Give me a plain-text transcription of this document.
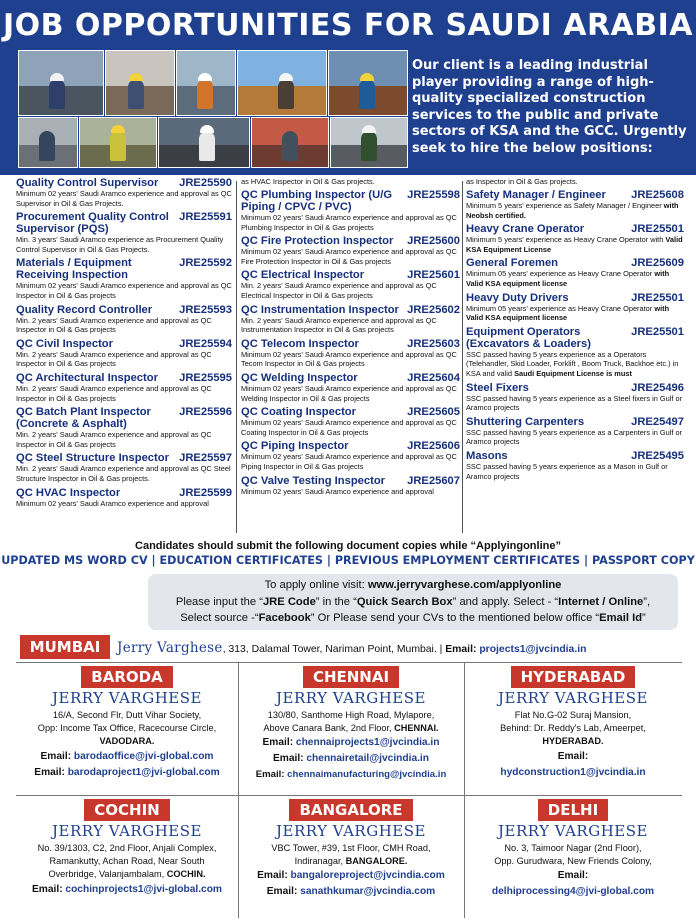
JOB OPPORTUNITIES FOR SAUDI ARABIA
Our client is a leading industrial player providing a range of high-quality specialized construction services to the public and private sectors of KSA and the GCC. Urgently seek to hire the below positions:
Quality Control Supervisor	JRE25590
Minimum 02 years' Saudi Aramco experience and approval as QC Supervisor in Oil & Gas Projects.
Procurement Quality Control Supervisor (PQS)
JRE25591
Min. 3 years' Saudi Aramco experience as Procurement Quality Control Supervisor in Oil & Gas Projects.
Materials / Equipment Receiving Inspection
JRE25592
Minimum 02 years' Saudi Aramco experience and approval as QC Inspector in Oil & Gas projects
Quality Record Controller	JRE25593
Min. 2 years' Saudi Aramco experience and approval as QC Inspector in Oil & Gas projects
QC Civil Inspector	JRE25594
Min. 2 years' Saudi Aramco experience and approval as QC Inspector in Oil & Gas projects
QC Architectural Inspector	JRE25595
Min. 2 years' Saudi Aramco experience and approval as QC Inspector in Oil & Gas projects
QC Batch Plant Inspector (Concrete & Asphalt)
JRE25596
Min. 2 years' Saudi Aramco experience and approval as QC Inspector in Oil & Gas projects
QC Steel Structure Inspector JRE25597
Min. 2 years' Saudi Aramco experience and approval as QC Steel Structure Inspector in Oil & Gas projects.
QC HVAC Inspector	JRE25599
Minimum 02 years' Saudi Aramco experience and approval
as HVAC Inspector in Oil & Gas projects.
QC Plumbing Inspector (U/G Piping / CPVC / PVC)
JRE25598
Minimum 02 years' Saudi Aramco experience and approval as QC Plumbing Inspector in Oil & Gas projects
QC Fire Protection Inspector	JRE25600
Minimum 02 years' Saudi Aramco experience and approval as QC Fire Protection Inspector in Oil & Gas projects
QC Electrical Inspector	JRE25601
Min. 2 years' Saudi Aramco experience and approval as QC Electrical Inspector in Oil & Gas projects
QC Instrumentation Inspector JRE25602
Min. 2 years' Saudi Aramco experience and approval as QC Instrumentation Inspector in Oil & Gas projects
QC Telecom Inspector	JRE25603
Minimum 02 years' Saudi Aramco experience and approval as QC Tecom Inspector in Oil & Gas projects
QC Welding Inspector	JRE25604
Minimum 02 years' Saudi Aramco experience and approval as QC Welding Inspector in Oil & Gas projects
QC Coating Inspector	JRE25605
Minimum 02 years' Saudi Aramco experience and approval as QC Coating Inspector in Oil & Gas projects
QC Piping Inspector	JRE25606
Minimum 02 years' Saudi Aramco experience and approval as QC Piping Inspector in Oil & Gas projects
QC Valve Testing Inspector	JRE25607
Minimum 02 years' Saudi Aramco experience and approval
as Inspector in Oil & Gas projects.
Safety Manager / Engineer	JRE25608
Minimum 5 years' experience as Safety Manager / Engineer with Neobsh certified.
Heavy Crane Operator	JRE25501
Minimum 5 years' experience as Heavy Crane Operator with Valid KSA Equipment License
General Foremen	JRE25609
Minimum 05 years' experience as Heavy Crane Operator with Valid KSA equipment license
Heavy Duty Drivers	JRE25501
Minimum 05 years' experience as Heavy Crane Operator with Valid KSA equipment license
Equipment Operators (Excavators & Loaders)
JRE25501
SSC passed having 5 years experience as a Operators (Telehandler, Skid Loader, Forklift , Boom Truck, Backhoe etc.) in KSA and valid Saudi Equipment License is must
Steel Fixers	JRE25496
SSC passed having 5 years experience as a Steel fixers in Gulf or Aramco projects
Shuttering Carpenters	JRE25497
SSC passed having 5 years experience as a Carpenters in Gulf or Aramco projects
Masons	JRE25495
SSC passed having 5 years experience as a Mason in Gulf or Aramco projects
Candidates should submit the following document copies while “Applyingonline”
UPDATED MS WORD CV | EDUCATION CERTIFICATES | PREVIOUS EMPLOYMENT CERTIFICATES | PASSPORT COPY
To apply online visit: www.jerryvarghese.com/applyonline
Please input the “JRE Code” in the “Quick Search Box” and apply. Select - “Internet / Online”,
Select source -“Facebook” Or Please send your CVs to the mentioned below office “Email Id”
MUMBAI	Jerry Varghese, 313, Dalamal Tower, Nariman Point, Mumbai. | Email: projects1@jvcindia.in
BARODA
JERRY VARGHESE
16/A, Second Flr, Dutt Vihar Society,
Opp: Income Tax Office, Racecourse Circle,
VADODARA.
Email: barodaoffice@jvi-global.com
Email: barodaproject1@jvi-global.com
CHENNAI
JERRY VARGHESE
130/80, Santhome High Road, Mylapore,
Above Canara Bank, 2nd Floor, CHENNAI.
Email: chennaiprojects1@jvcindia.in
Email: chennairetail@jvcindia.in
Email: chennaimanufacturing@jvcindia.in
HYDERABAD
JERRY VARGHESE
Flat No.G-02 Suraj Mansion,
Behind: Dr. Reddy's Lab, Ameerpet,
HYDERABAD.
Email:
hydconstruction1@jvcindia.in
COCHIN
JERRY VARGHESE
No. 39/1303, C2, 2nd Floor, Anjali Complex,
Ramankutty, Achan Road, Near South
Overbridge, Valanjambalam, COCHIN.
Email: cochinprojects1@jvi-global.com
BANGALORE
JERRY VARGHESE
VBC Tower, #39, 1st Floor, CMH Road,
Indiranagar, BANGALORE.
Email: bangaloreproject@jvcindia.com
Email: sanathkumar@jvcindia.com
DELHI
JERRY VARGHESE
No. 3, Taimoor Nagar (2nd Floor),
Opp. Gurudwara, New Friends Colony,
Email:
delhiprocessing4@jvi-global.com
